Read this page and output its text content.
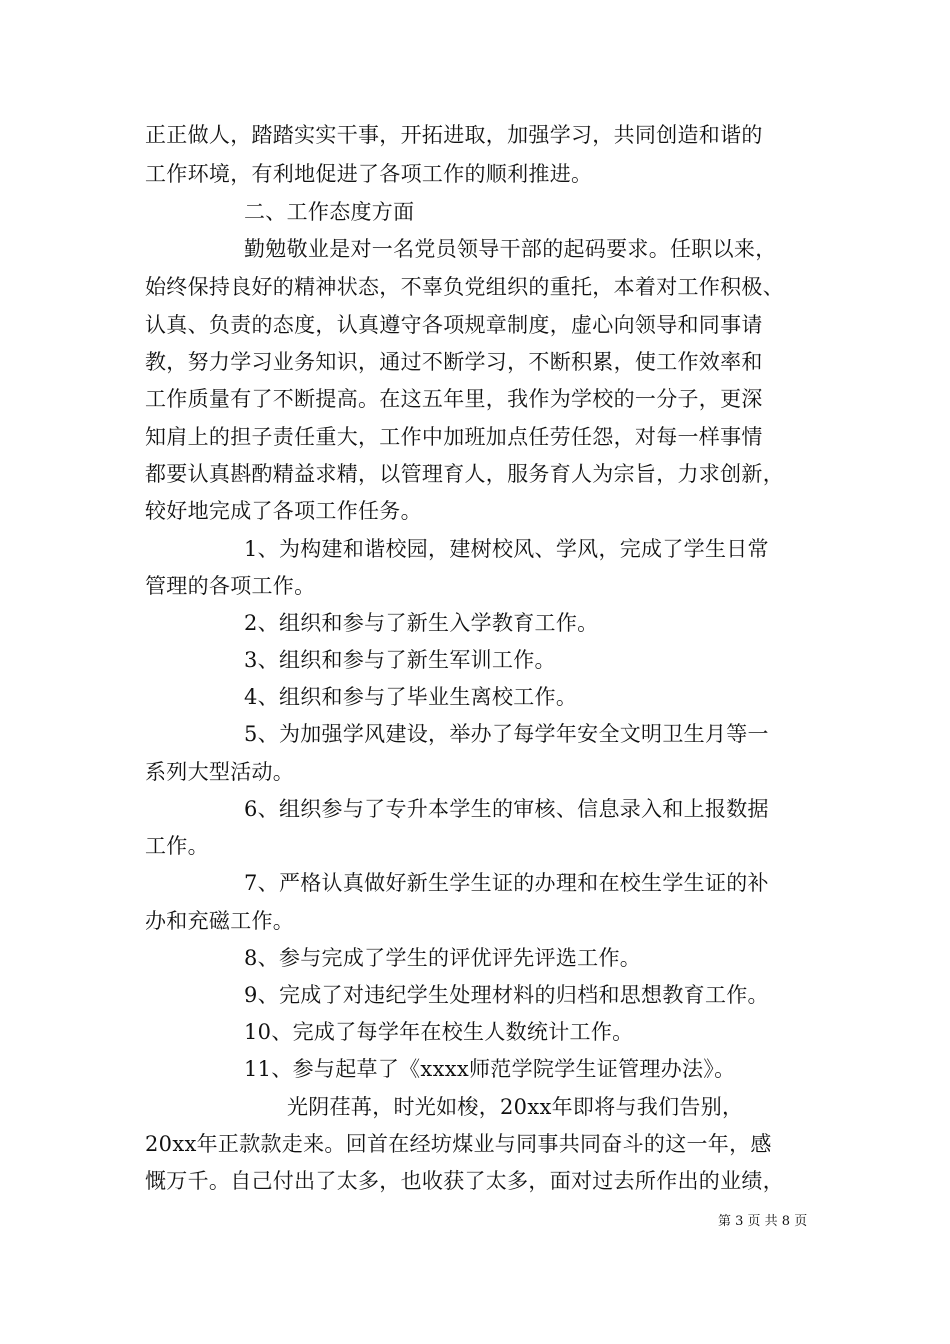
正正做人，踏踏实实干事，开拓进取，加强学习，共同创造和谐的
工作环境，有利地促进了各项工作的顺利推进。
二、工作态度方面
勤勉敬业是对一名党员领导干部的起码要求。任职以来，
始终保持良好的精神状态，不辜负党组织的重托，本着对工作积极、
认真、负责的态度，认真遵守各项规章制度，虚心向领导和同事请
教，努力学习业务知识，通过不断学习，不断积累，使工作效率和
工作质量有了不断提高。在这五年里，我作为学校的一分子，更深
知肩上的担子责任重大，工作中加班加点任劳任怨，对每一样事情
都要认真斟酌精益求精，以管理育人，服务育人为宗旨，力求创新，
较好地完成了各项工作任务。
1、为构建和谐校园，建树校风、学风，完成了学生日常
管理的各项工作。
2、组织和参与了新生入学教育工作。
3、组织和参与了新生军训工作。
4、组织和参与了毕业生离校工作。
5、为加强学风建设，举办了每学年安全文明卫生月等一
系列大型活动。
6、组织参与了专升本学生的审核、信息录入和上报数据
工作。
7、严格认真做好新生学生证的办理和在校生学生证的补
办和充磁工作。
8、参与完成了学生的评优评先评选工作。
9、完成了对违纪学生处理材料的归档和思想教育工作。
10、完成了每学年在校生人数统计工作。
11、参与起草了《xxxx师范学院学生证管理办法》。
光阴荏苒，时光如梭，20xx年即将与我们告别，
20xx年正款款走来。回首在经坊煤业与同事共同奋斗的这一年，感
慨万千。自己付出了太多，也收获了太多，面对过去所作出的业绩，
第 3 页 共 8 页
